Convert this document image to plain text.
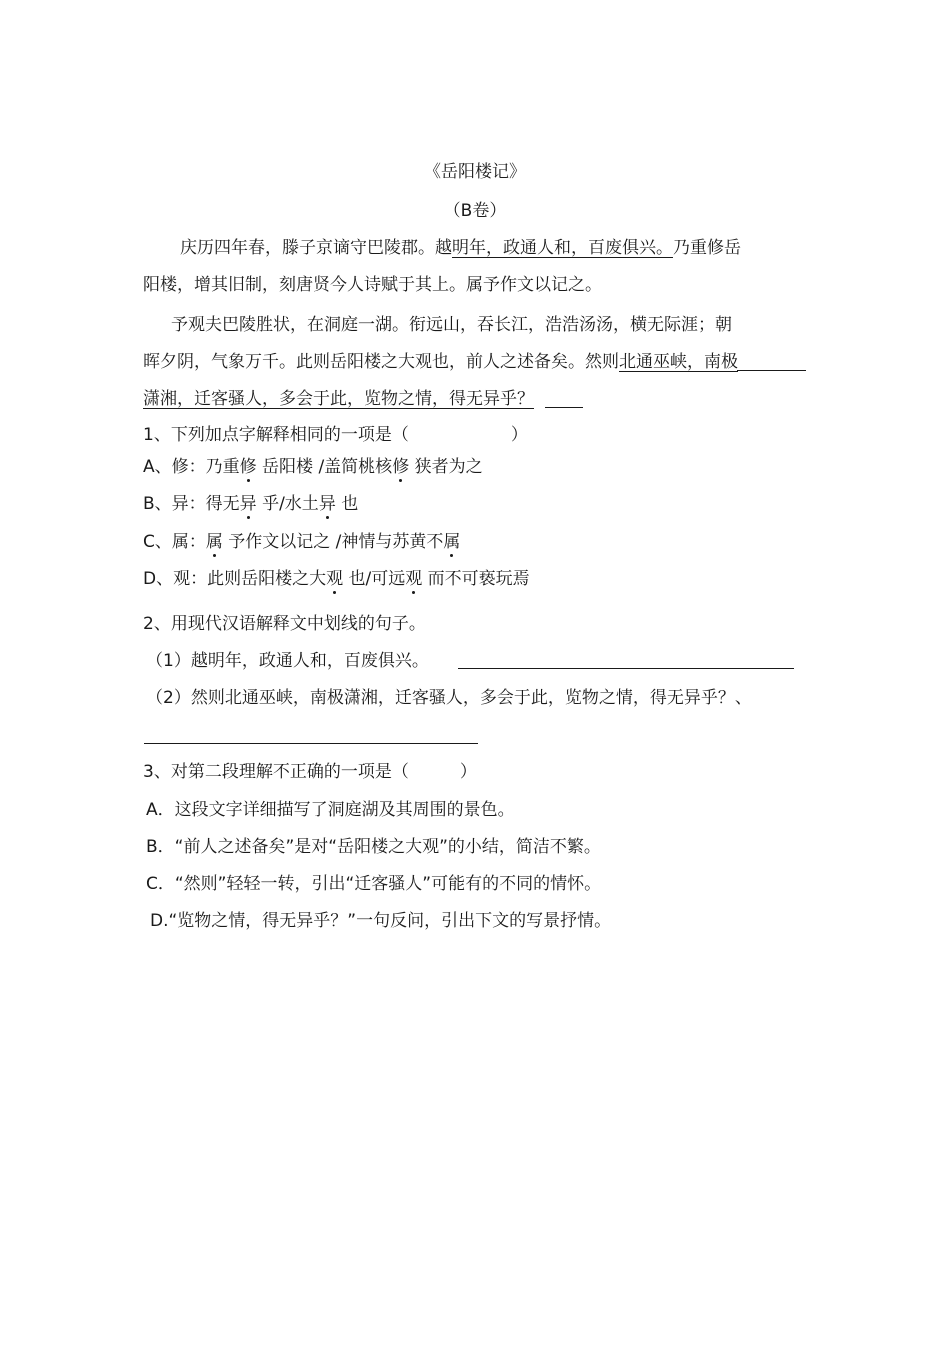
《岳阳楼记》
（B卷）
庆历四年春，滕子京谪守巴陵郡。越明年，政通人和，百废俱兴。乃重修岳
阳楼，增其旧制，刻唐贤今人诗赋于其上。属予作文以记之。
予观夫巴陵胜状，在洞庭一湖。衔远山，吞长江，浩浩汤汤，横无际涯；朝
晖夕阴，气象万千。此则岳阳楼之大观也，前人之述备矣。然则北通巫峡，南极
潇湘，迁客骚人，多会于此，览物之情，得无异乎？
1、下列加点字解释相同的一项是（　　　　　　）
A、修：乃重修 岳阳楼 /盖简桃核修 狭者为之
B、异：得无异 乎/水土异 也
C、属：属 予作文以记之 /神情与苏黄不属
D、观：此则岳阳楼之大观 也/可远观 而不可亵玩焉
2、用现代汉语解释文中划线的句子。
（1）越明年，政通人和，百废俱兴。
（2）然则北通巫峡，南极潇湘，迁客骚人，多会于此，览物之情，得无异乎？、
3、对第二段理解不正确的一项是（　　　）
A．这段文字详细描写了洞庭湖及其周围的景色。
B．“前人之述备矣”是对“岳阳楼之大观”的小结，简洁不繁。
C．“然则”轻轻一转，引出“迁客骚人”可能有的不同的情怀。
D.“览物之情，得无异乎？”一句反问，引出下文的写景抒情。
